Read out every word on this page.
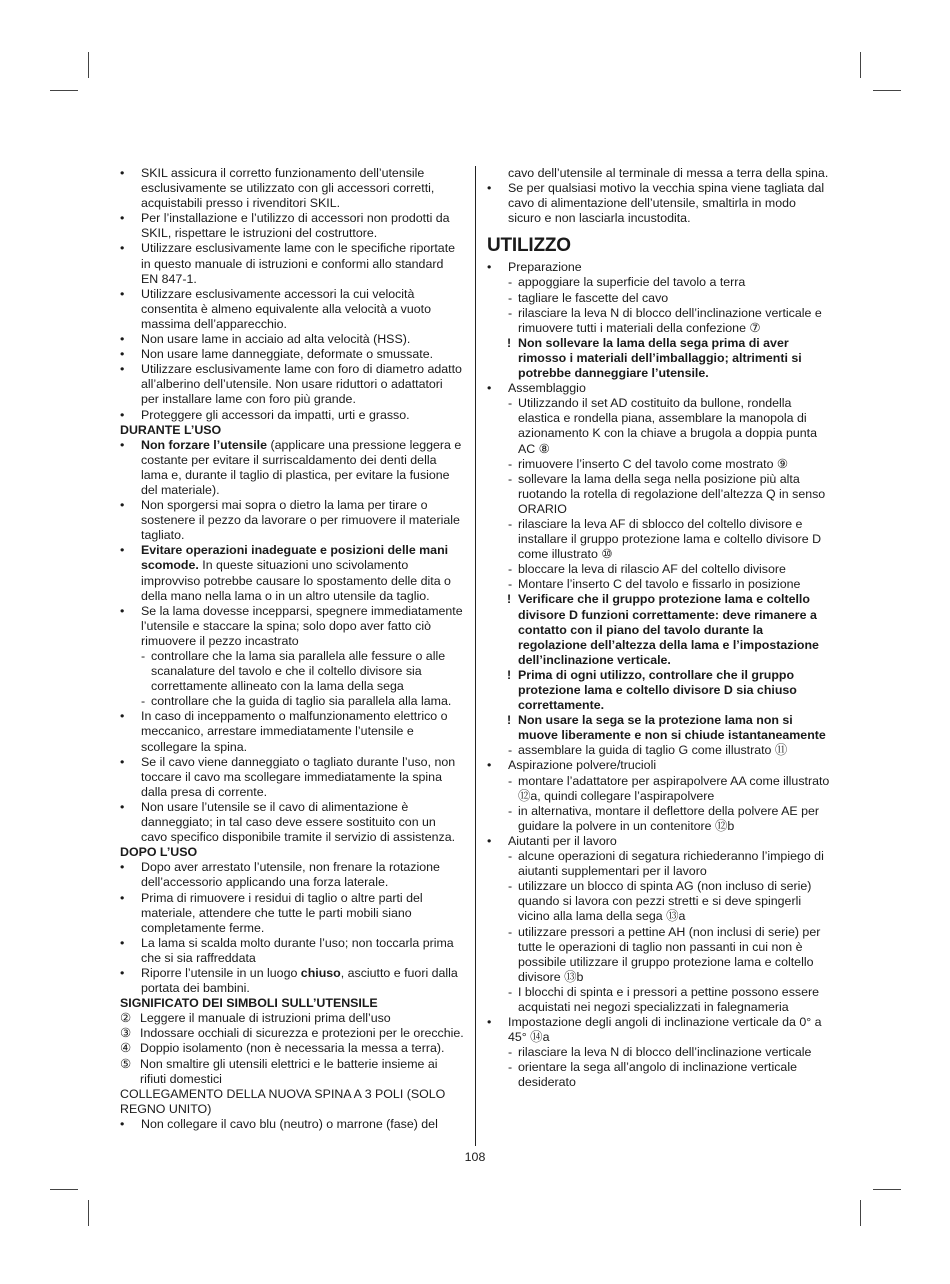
• SKIL assicura il corretto funzionamento dell’utensile esclusivamente se utilizzato con gli accessori corretti, acquistabili presso i rivenditori SKIL.
• Per l’installazione e l’utilizzo di accessori non prodotti da SKIL, rispettare le istruzioni del costruttore.
• Utilizzare esclusivamente lame con le specifiche riportate in questo manuale di istruzioni e conformi allo standard EN 847-1.
• Utilizzare esclusivamente accessori la cui velocità consentita è almeno equivalente alla velocità a vuoto massima dell’apparecchio.
• Non usare lame in acciaio ad alta velocità (HSS).
• Non usare lame danneggiate, deformate o smussate.
• Utilizzare esclusivamente lame con foro di diametro adatto all’alberino dell’utensile. Non usare riduttori o adattatori per installare lame con foro più grande.
• Proteggere gli accessori da impatti, urti e grasso.
DURANTE L’USO
• Non forzare l’utensile (applicare una pressione leggera e costante per evitare il surriscaldamento dei denti della lama e, durante il taglio di plastica, per evitare la fusione del materiale).
• Non sporgersi mai sopra o dietro la lama per tirare o sostenere il pezzo da lavorare o per rimuovere il materiale tagliato.
• Evitare operazioni inadeguate e posizioni delle mani scomode. In queste situazioni uno scivolamento improvviso potrebbe causare lo spostamento delle dita o della mano nella lama o in un altro utensile da taglio.
• Se la lama dovesse incepparsi, spegnere immediatamente l’utensile e staccare la spina; solo dopo aver fatto ciò rimuovere il pezzo incastrato
- controllare che la lama sia parallela alle fessure o alle scanalature del tavolo e che il coltello divisore sia correttamente allineato con la lama della sega
- controllare che la guida di taglio sia parallela alla lama.
• In caso di inceppamento o malfunzionamento elettrico o meccanico, arrestare immediatamente l’utensile e scollegare la spina.
• Se il cavo viene danneggiato o tagliato durante l’uso, non toccare il cavo ma scollegare immediatamente la spina dalla presa di corrente.
• Non usare l’utensile se il cavo di alimentazione è danneggiato; in tal caso deve essere sostituito con un cavo specifico disponibile tramite il servizio di assistenza.
DOPO L’USO
• Dopo aver arrestato l’utensile, non frenare la rotazione dell’accessorio applicando una forza laterale.
• Prima di rimuovere i residui di taglio o altre parti del materiale, attendere che tutte le parti mobili siano completamente ferme.
• La lama si scalda molto durante l’uso; non toccarla prima che si sia raffreddata
• Riporre l’utensile in un luogo chiuso, asciutto e fuori dalla portata dei bambini.
SIGNIFICATO DEI SIMBOLI SULL’UTENSILE
② Leggere il manuale di istruzioni prima dell’uso
③ Indossare occhiali di sicurezza e protezioni per le orecchie.
④ Doppio isolamento (non è necessaria la messa a terra).
⑤ Non smaltire gli utensili elettrici e le batterie insieme ai rifiuti domestici
COLLEGAMENTO DELLA NUOVA SPINA A 3 POLI (SOLO REGNO UNITO)
• Non collegare il cavo blu (neutro) o marrone (fase) del
cavo dell’utensile al terminale di messa a terra della spina.
• Se per qualsiasi motivo la vecchia spina viene tagliata dal cavo di alimentazione dell’utensile, smaltirla in modo sicuro e non lasciarla incustodita.
UTILIZZO
• Preparazione
- appoggiare la superficie del tavolo a terra
- tagliare le fascette del cavo
- rilasciare la leva N di blocco dell’inclinazione verticale e rimuovere tutti i materiali della confezione ⑦
! Non sollevare la lama della sega prima di aver rimosso i materiali dell’imballaggio; altrimenti si potrebbe danneggiare l’utensile.
• Assemblaggio
- Utilizzando il set AD costituito da bullone, rondella elastica e rondella piana, assemblare la manopola di azionamento K con la chiave a brugola a doppia punta AC ⑧
- rimuovere l’inserto C del tavolo come mostrato ⑨
- sollevare la lama della sega nella posizione più alta ruotando la rotella di regolazione dell’altezza Q in senso ORARIO
- rilasciare la leva AF di sblocco del coltello divisore e installare il gruppo protezione lama e coltello divisore D come illustrato ⑩
- bloccare la leva di rilascio AF del coltello divisore
- Montare l’inserto C del tavolo e fissarlo in posizione
! Verificare che il gruppo protezione lama e coltello divisore D funzioni correttamente: deve rimanere a contatto con il piano del tavolo durante la regolazione dell’altezza della lama e l’impostazione dell’inclinazione verticale.
! Prima di ogni utilizzo, controllare che il gruppo protezione lama e coltello divisore D sia chiuso correttamente.
! Non usare la sega se la protezione lama non si muove liberamente e non si chiude istantaneamente
- assemblare la guida di taglio G come illustrato ⑪
• Aspirazione polvere/trucioli
- montare l’adattatore per aspirapolvere AA come illustrato ⑫a, quindi collegare l’aspirapolvere
- in alternativa, montare il deflettore della polvere AE per guidare la polvere in un contenitore ⑫b
• Aiutanti per il lavoro
- alcune operazioni di segatura richiederanno l’impiego di aiutanti supplementari per il lavoro
- utilizzare un blocco di spinta AG (non incluso di serie) quando si lavora con pezzi stretti e si deve spingerli vicino alla lama della sega ⑬a
- utilizzare pressori a pettine AH (non inclusi di serie) per tutte le operazioni di taglio non passanti in cui non è possibile utilizzare il gruppo protezione lama e coltello divisore ⑬b
- I blocchi di spinta e i pressori a pettine possono essere acquistati nei negozi specializzati in falegnameria
• Impostazione degli angoli di inclinazione verticale da 0° a 45° ⑭a
- rilasciare la leva N di blocco dell’inclinazione verticale
- orientare la sega all’angolo di inclinazione verticale desiderato
108
